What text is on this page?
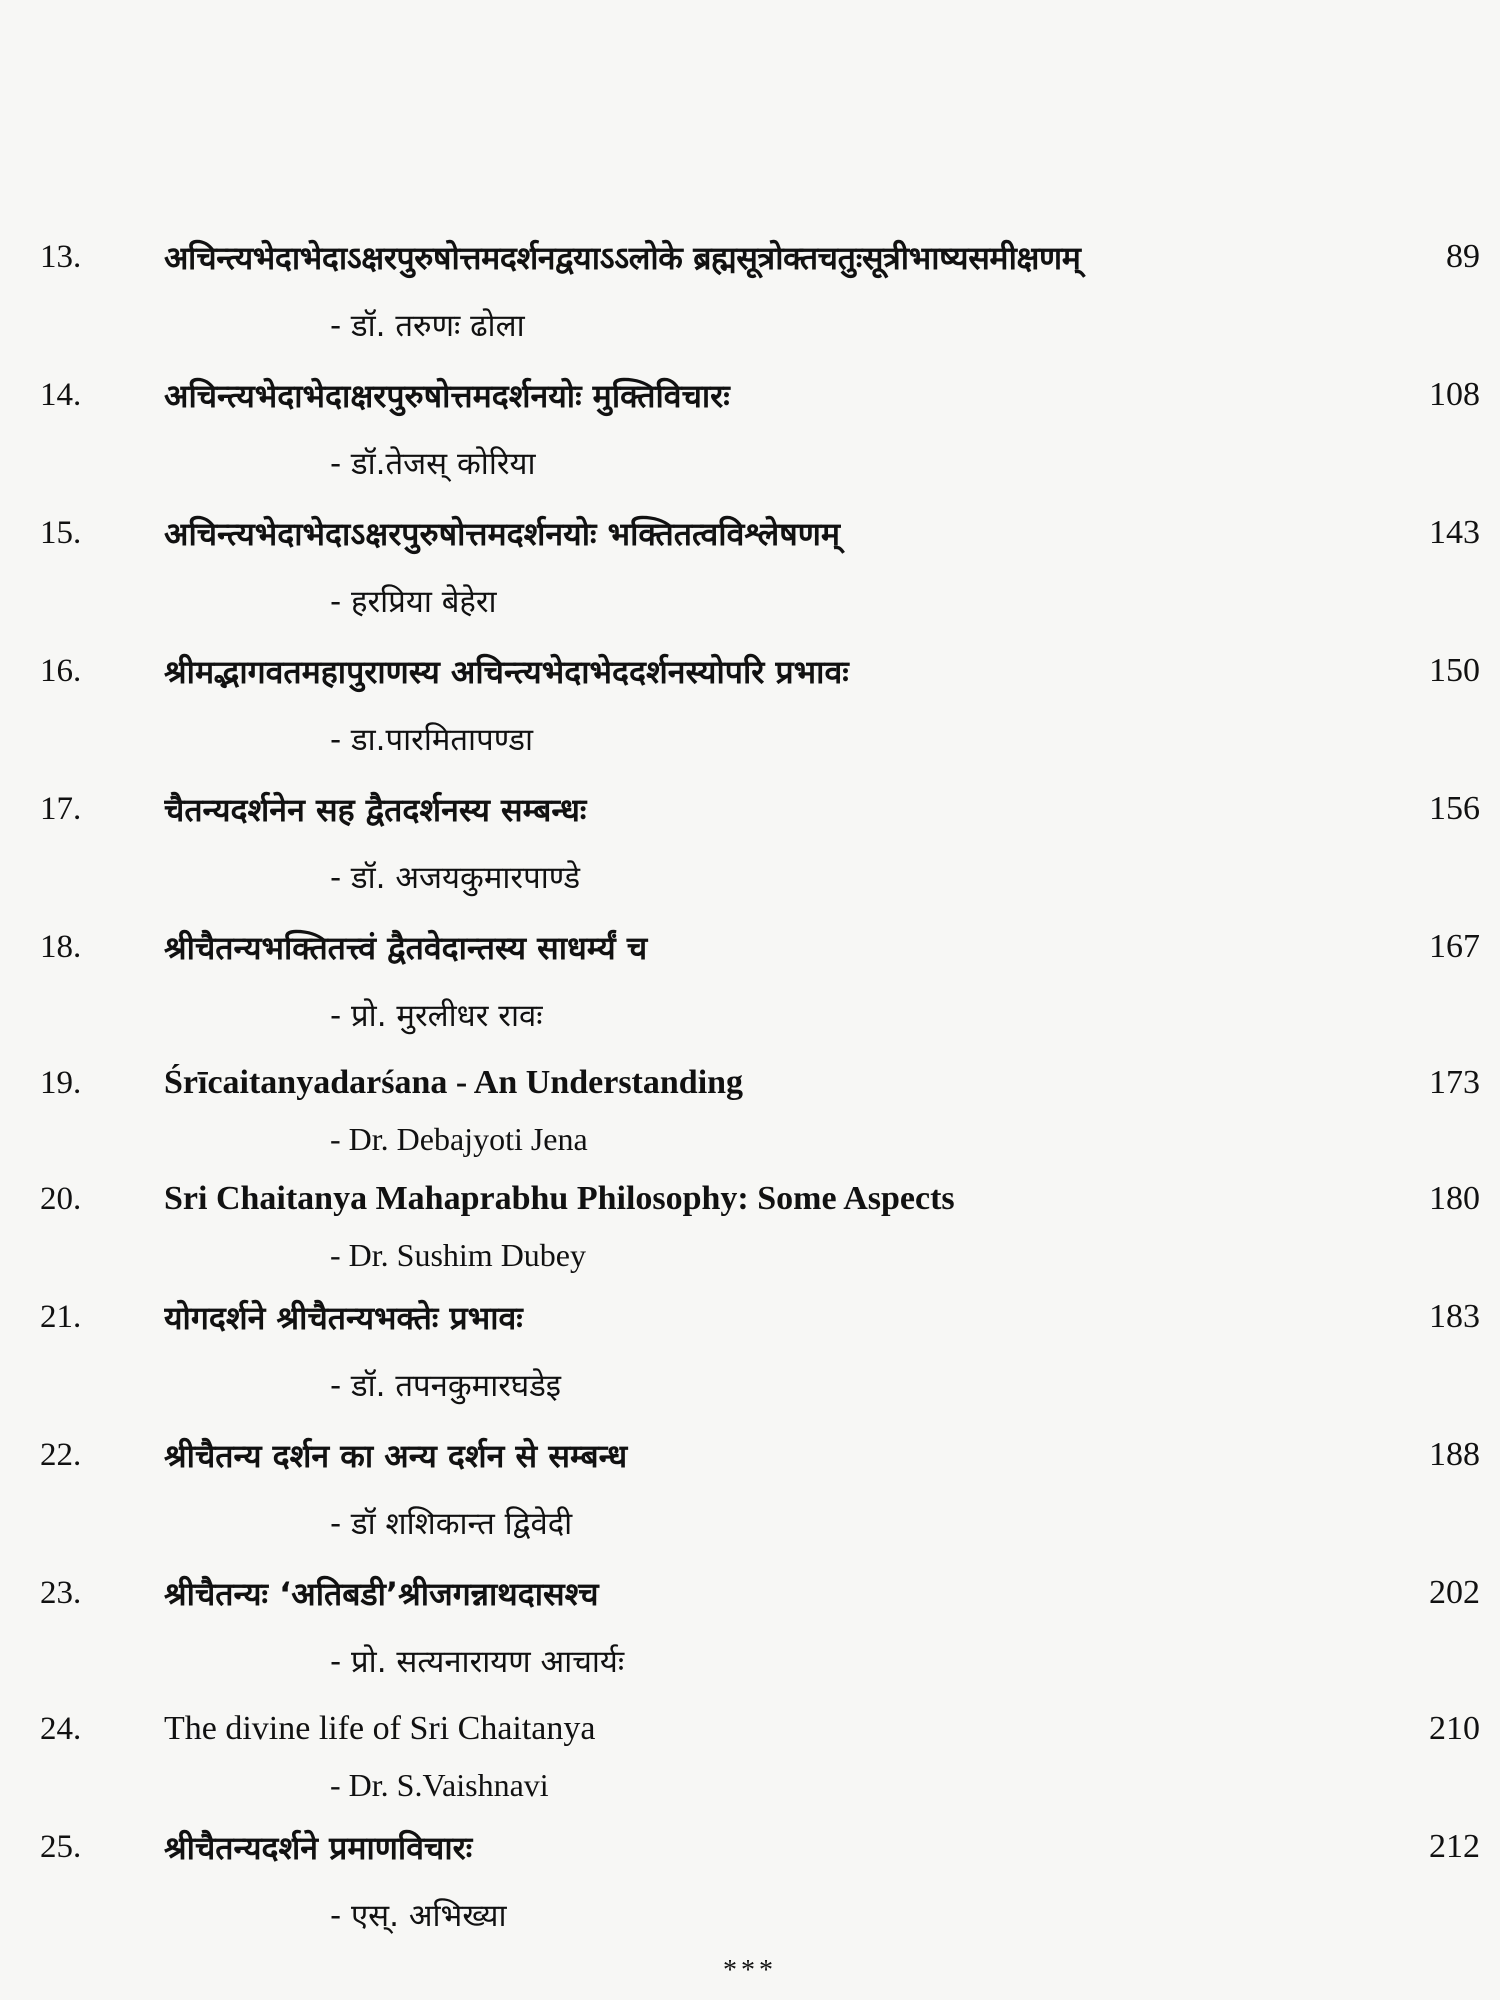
13.	अचिन्त्यभेदाभेदाऽक्षरपुरुषोत्तमदर्शनद्वयाऽऽलोके ब्रह्मसूत्रोक्तचतुःसूत्रीभाष्यसमीक्षणम्	89
- डॉ. तरुणः ढोला
14.	अचिन्त्यभेदाभेदाक्षरपुरुषोत्तमदर्शनयोः मुक्तिविचारः	108
- डॉ.तेजस् कोरिया
15.	अचिन्त्यभेदाभेदाऽक्षरपुरुषोत्तमदर्शनयोः भक्तितत्वविश्लेषणम्	143
- हरप्रिया बेहेरा
16.	श्रीमद्भागवतमहापुराणस्य अचिन्त्यभेदाभेददर्शनस्योपरि प्रभावः	150
- डा.पारमितापण्डा
17.	चैतन्यदर्शनेन सह द्वैतदर्शनस्य सम्बन्धः	156
- डॉ. अजयकुमारपाण्डे
18.	श्रीचैतन्यभक्तितत्त्वं द्वैतवेदान्तस्य साधर्म्यं च	167
- प्रो. मुरलीधर रावः
19.	Śrīcaitanyadarśana - An Understanding	173
- Dr. Debajyoti Jena
20.	Sri Chaitanya Mahaprabhu Philosophy: Some Aspects	180
- Dr. Sushim Dubey
21.	योगदर्शने श्रीचैतन्यभक्तेः प्रभावः	183
- डॉ. तपनकुमारघडेइ
22.	श्रीचैतन्य दर्शन का अन्य दर्शन से सम्बन्ध	188
- डॉ शशिकान्त द्विवेदी
23.	श्रीचैतन्यः ‘अतिबडी’श्रीजगन्नाथदासश्च	202
- प्रो. सत्यनारायण आचार्यः
24.	The divine life of Sri Chaitanya	210
- Dr. S.Vaishnavi
25.	श्रीचैतन्यदर्शने प्रमाणविचारः	212
- एस्. अभिख्या
***
